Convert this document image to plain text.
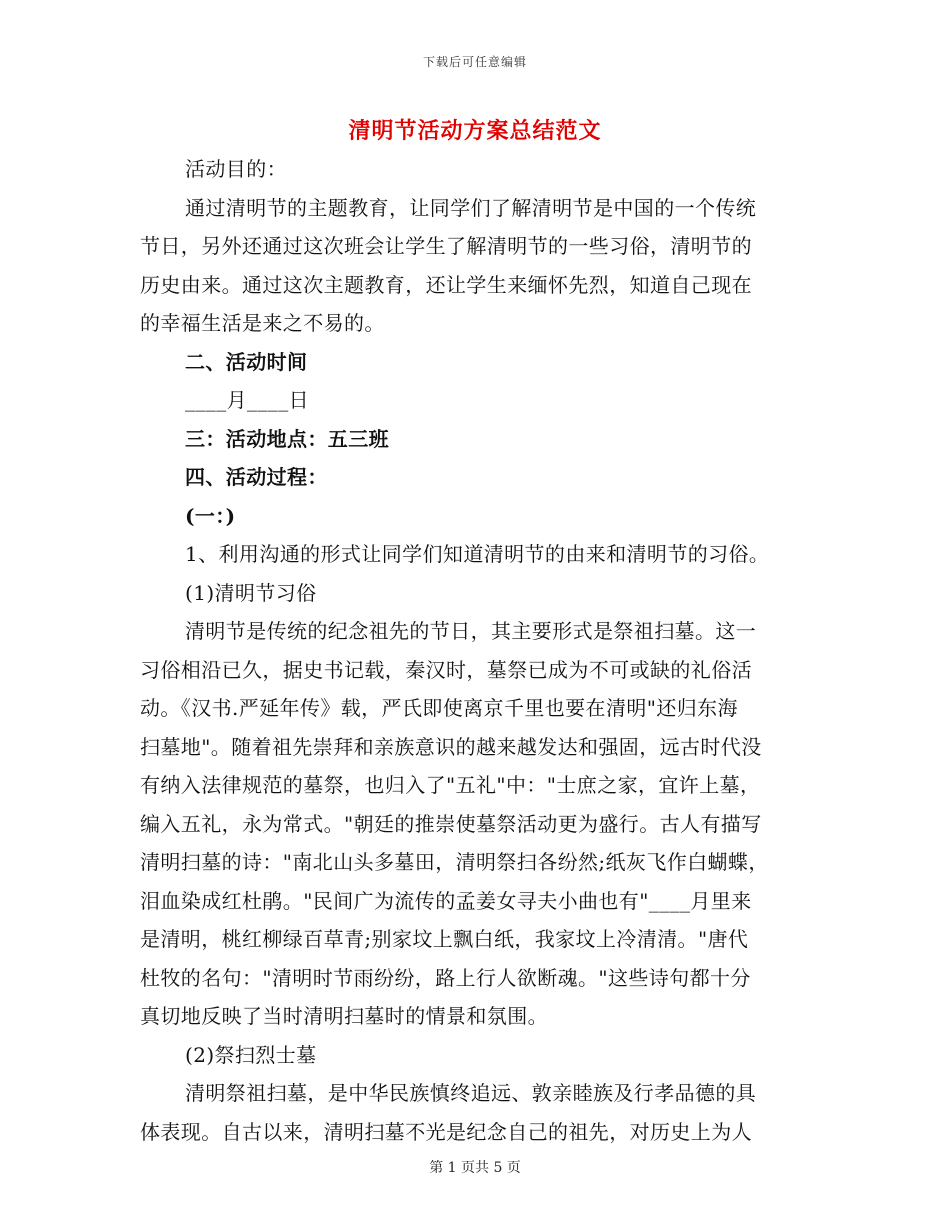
下载后可任意编辑
清明节活动方案总结范文
活动目的：
通过清明节的主题教育，让同学们了解清明节是中国的一个传统
节日，另外还通过这次班会让学生了解清明节的一些习俗，清明节的
历史由来。通过这次主题教育，还让学生来缅怀先烈，知道自己现在
的幸福生活是来之不易的。
二、活动时间
____月____日
三：活动地点：五三班
四、活动过程：
(一：)
1、利用沟通的形式让同学们知道清明节的由来和清明节的习俗。
(1)清明节习俗
清明节是传统的纪念祖先的节日，其主要形式是祭祖扫墓。这一
习俗相沿已久，据史书记载，秦汉时，墓祭已成为不可或缺的礼俗活
动。《汉书.严延年传》载，严氏即使离京千里也要在清明"还归东海
扫墓地"。随着祖先崇拜和亲族意识的越来越发达和强固，远古时代没
有纳入法律规范的墓祭，也归入了"五礼"中："士庶之家，宜许上墓，
编入五礼，永为常式。"朝廷的推崇使墓祭活动更为盛行。古人有描写
清明扫墓的诗："南北山头多墓田，清明祭扫各纷然;纸灰飞作白蝴蝶，
泪血染成红杜鹃。"民间广为流传的孟姜女寻夫小曲也有"____月里来
是清明，桃红柳绿百草青;别家坟上飘白纸，我家坟上冷清清。"唐代
杜牧的名句："清明时节雨纷纷，路上行人欲断魂。"这些诗句都十分
真切地反映了当时清明扫墓时的情景和氛围。
(2)祭扫烈士墓
清明祭祖扫墓，是中华民族慎终追远、敦亲睦族及行孝品德的具
体表现。自古以来，清明扫墓不光是纪念自己的祖先，对历史上为人
第 1 页共 5 页
